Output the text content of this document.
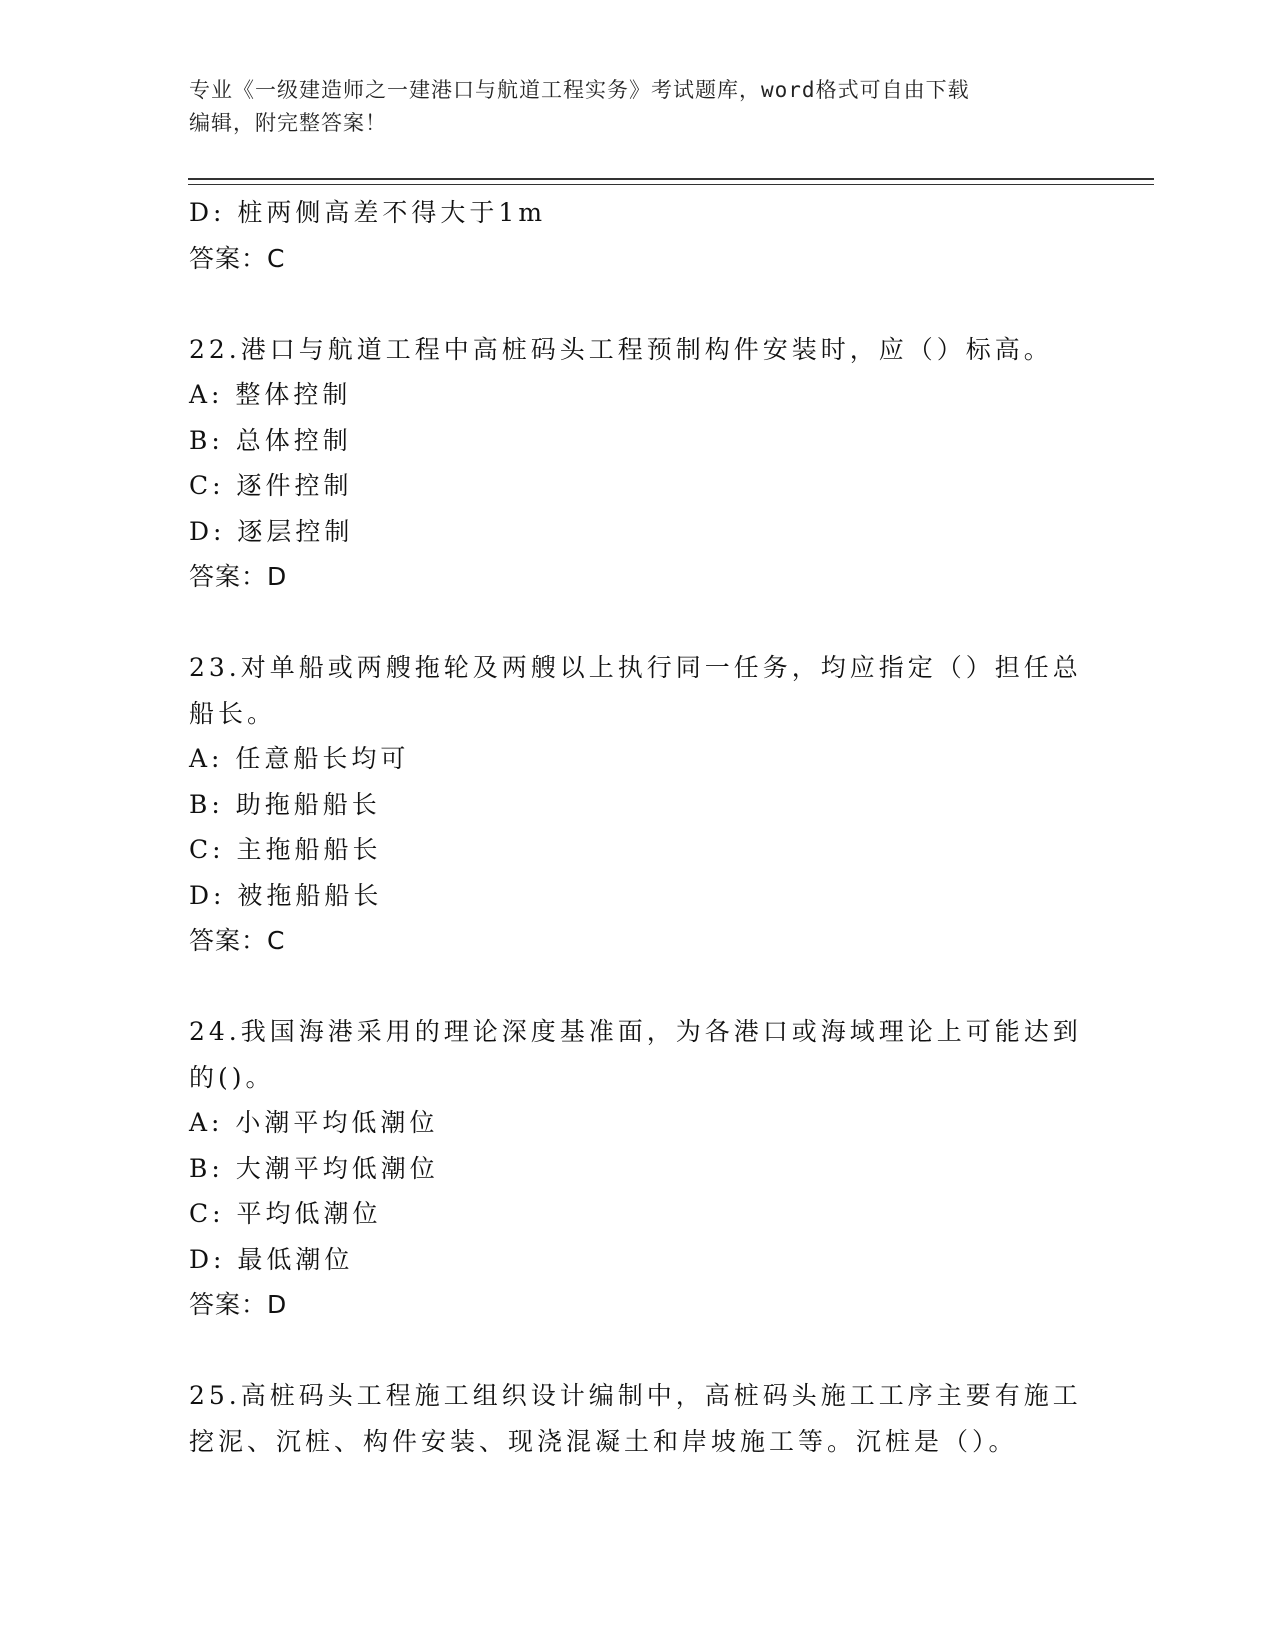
专业《一级建造师之一建港口与航道工程实务》考试题库，word格式可自由下载
编辑，附完整答案！
D: 桩两侧高差不得大于1m
答案：C
22.港口与航道工程中高桩码头工程预制构件安装时，应（）标高。
A: 整体控制
B: 总体控制
C: 逐件控制
D: 逐层控制
答案：D
23.对单船或两艘拖轮及两艘以上执行同一任务，均应指定（）担任总
船长。
A: 任意船长均可
B: 助拖船船长
C: 主拖船船长
D: 被拖船船长
答案：C
24.我国海港采用的理论深度基准面，为各港口或海域理论上可能达到
的()。
A: 小潮平均低潮位
B: 大潮平均低潮位
C: 平均低潮位
D: 最低潮位
答案：D
25.高桩码头工程施工组织设计编制中，高桩码头施工工序主要有施工
挖泥、沉桩、构件安装、现浇混凝土和岸坡施工等。沉桩是（）。
